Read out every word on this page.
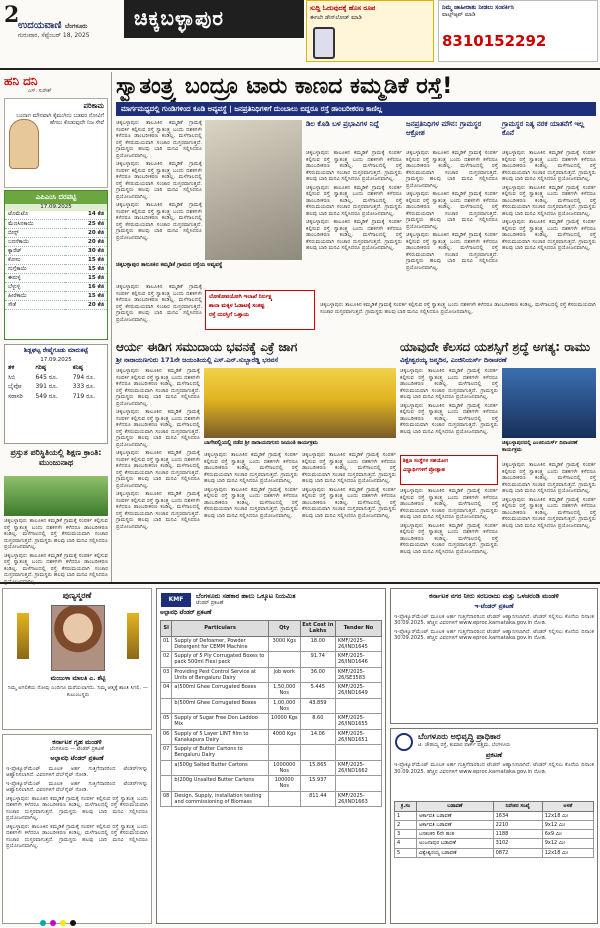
2
ಉದಯವಾಣಿ ಬೆಂಗಳೂರು
ಗುರುವಾರ, ಸೆಪ್ಟೆಂಬರ್ 18, 2025
ಚಿಕ್ಕಬಳ್ಳಾಪುರ	ಸುದ್ದಿ ಓದುವುದಕ್ಕೆ ಹೊಸ ರೂಪ
ಈಗಲೇ ಡೌನ್‌ಲೋಡ್ ಮಾಡಿ
ನಿಮ್ಮ ಜಾಹೀರಾತು ನೀಡಲು ಸಂಪರ್ಕಿಸಿ
ವಾಟ್ಸ್‌ಆ್ಯಪ್ ಮಾಡಿ
8310152292
ಹನಿ ದನಿ
ಎಸ್. ಸುರೇಶ್
ಪರಿಕಾಮ
ಬಂದಾಗ ಮೌನವಾಗಿ ಕೈಮುಗಿದು ಬಡವರ ನೋವಿಗೆ ಹೆಗಲು ಕೊಡುವುದೇ ನಿಜ ಸೇವೆ
ಎಪಿಎಂಸಿ ದರಪಟ್ಟಿ
17.09.2025
ಟೊಮೆಟೊ	14 ಕೆಜಿ
ಮೆಣಸಿನಕಾಯಿ	25 ಕೆಜಿ
ಬೀನ್ಸ್	20 ಕೆಜಿ
ಬದನೆಕಾಯಿ	20 ಕೆಜಿ
ಕ್ಯಾರೆಟ್	30 ಕೆಜಿ
ಕೋಸು	15 ಕೆಜಿ
ನುಗ್ಗೆಕಾಯಿ	15 ಕೆಜಿ
ಈರುಳ್ಳಿ	15 ಕೆಜಿ
ಬೆಳ್ಳುಳ್ಳಿ	16 ಕೆಜಿ
ಹೀರೆಕಾಯಿ	15 ಕೆಜಿ
ಸೌತೆ	20 ಕೆಜಿ
ಶಿಡ್ಲಘಟ್ಟ ರೇಷ್ಮೆಗೂಡು ಮಾರುಕಟ್ಟೆ
17.09.2025
ತಳಿ	ಗರಿಷ್ಠ	ಕನಿಷ್ಠ
ಸಿಬಿ	645 ರೂ.	794 ರೂ.
ಬೈವೋ	391 ರೂ.	333 ರೂ.
ಸರಾಸರಿ	549 ರೂ.	719 ರೂ.
ಪ್ರಸ್ತುತ ಪರಿಸ್ಥಿತಿಯಲ್ಲಿ ಶಿಕ್ಷಣ ಕ್ರಾಂತಿ: ಮುಂಜುನಾಥ

ಚಿಕ್ಕಬಳ್ಳಾಪುರ: ತಾಲೂಕಿನ ಕಮ್ಮಡಿಕೆ ಗ್ರಾಮಕ್ಕೆ ಸಂಪರ್ಕ ಕಲ್ಪಿಸುವ ರಸ್ತೆ ಸ್ವಾತಂತ್ರ್ಯ ಬಂದು ದಶಕಗಳೇ ಕಳೆದರೂ ಡಾಂಬರೀಕರಣ ಕಂಡಿಲ್ಲ. ಮಳೆಗಾಲದಲ್ಲಿ ರಸ್ತೆ ಕೆಸರುಮಯವಾಗಿ ಸಂಚಾರ ದುಸ್ತರವಾಗುತ್ತದೆ. ಗ್ರಾಮಸ್ಥರು ಹಲವು ಬಾರಿ ಮನವಿ ಸಲ್ಲಿಸಿದರೂ ಪ್ರಯೋಜನವಾಗಿಲ್ಲ.

ಚಿಕ್ಕಬಳ್ಳಾಪುರ: ತಾಲೂಕಿನ ಕಮ್ಮಡಿಕೆ ಗ್ರಾಮಕ್ಕೆ ಸಂಪರ್ಕ ಕಲ್ಪಿಸುವ ರಸ್ತೆ ಸ್ವಾತಂತ್ರ್ಯ ಬಂದು ದಶಕಗಳೇ ಕಳೆದರೂ ಡಾಂಬರೀಕರಣ ಕಂಡಿಲ್ಲ. ಮಳೆಗಾಲದಲ್ಲಿ ರಸ್ತೆ ಕೆಸರುಮಯವಾಗಿ ಸಂಚಾರ ದುಸ್ತರವಾಗುತ್ತದೆ. ಗ್ರಾಮಸ್ಥರು ಹಲವು ಬಾರಿ ಮನವಿ ಸಲ್ಲಿಸಿದರೂ

ಸ್ವಾತಂತ್ರ್ಯ ಬಂದ್ರೂ ಟಾರು ಕಾಣದ ಕಮ್ಮಡಿಕೆ ರಸ್ತೆ!
ಮಾರ್ಗಮಧ್ಯದಲ್ಲಿ ಗುಂಡಿಗಳಿಂದ ಕೂಡಿ ಅವ್ಯವಸ್ಥೆ | ಜನಪ್ರತಿನಿಧಿಗಳಿಗೆ ದುಂಬಾಲು ಬಿದ್ದರೂ ರಸ್ತೆ ಡಾಂಬರೀಕರಣ ಕಾಣಿಲ್ಲ

ಚಿಕ್ಕಬಳ್ಳಾಪುರ: ತಾಲೂಕಿನ ಕಮ್ಮಡಿಕೆ ಗ್ರಾಮಕ್ಕೆ ಸಂಪರ್ಕ ಕಲ್ಪಿಸುವ ರಸ್ತೆ ಸ್ವಾತಂತ್ರ್ಯ ಬಂದು ದಶಕಗಳೇ ಕಳೆದರೂ ಡಾಂಬರೀಕರಣ ಕಂಡಿಲ್ಲ. ಮಳೆಗಾಲದಲ್ಲಿ ರಸ್ತೆ ಕೆಸರುಮಯವಾಗಿ ಸಂಚಾರ ದುಸ್ತರವಾಗುತ್ತದೆ. ಗ್ರಾಮಸ್ಥರು ಹಲವು ಬಾರಿ ಮನವಿ ಸಲ್ಲಿಸಿದರೂ ಪ್ರಯೋಜನವಾಗಿಲ್ಲ.

ಚಿಕ್ಕಬಳ್ಳಾಪುರ: ತಾಲೂಕಿನ ಕಮ್ಮಡಿಕೆ ಗ್ರಾಮಕ್ಕೆ ಸಂಪರ್ಕ ಕಲ್ಪಿಸುವ ರಸ್ತೆ ಸ್ವಾತಂತ್ರ್ಯ ಬಂದು ದಶಕಗಳೇ ಕಳೆದರೂ ಡಾಂಬರೀಕರಣ ಕಂಡಿಲ್ಲ. ಮಳೆಗಾಲದಲ್ಲಿ ರಸ್ತೆ ಕೆಸರುಮಯವಾಗಿ ಸಂಚಾರ ದುಸ್ತರವಾಗುತ್ತದೆ. ಗ್ರಾಮಸ್ಥರು ಹಲವು ಬಾರಿ ಮನವಿ ಸಲ್ಲಿಸಿದರೂ ಪ್ರಯೋಜನವಾಗಿಲ್ಲ.

ಚಿಕ್ಕಬಳ್ಳಾಪುರ: ತಾಲೂಕಿನ ಕಮ್ಮಡಿಕೆ ಗ್ರಾಮಕ್ಕೆ ಸಂಪರ್ಕ ಕಲ್ಪಿಸುವ ರಸ್ತೆ ಸ್ವಾತಂತ್ರ್ಯ ಬಂದು ದಶಕಗಳೇ ಕಳೆದರೂ ಡಾಂಬರೀಕರಣ ಕಂಡಿಲ್ಲ. ಮಳೆಗಾಲದಲ್ಲಿ ರಸ್ತೆ ಕೆಸರುಮಯವಾಗಿ ಸಂಚಾರ ದುಸ್ತರವಾಗುತ್ತದೆ. ಗ್ರಾಮಸ್ಥರು ಹಲವು ಬಾರಿ ಮನವಿ ಸಲ್ಲಿಸಿದರೂ ಪ್ರಯೋಜನವಾಗಿಲ್ಲ.

ಚಿಕ್ಕಬಳ್ಳಾಪುರ ತಾಲೂಕಿನ ಕಮ್ಮಡಿಕೆ ಗ್ರಾಮದ ರಸ್ತೆಯ ಅವ್ಯವಸ್ಥೆ

ಚಿಕ್ಕಬಳ್ಳಾಪುರ: ತಾಲೂಕಿನ ಕಮ್ಮಡಿಕೆ ಗ್ರಾಮಕ್ಕೆ ಸಂಪರ್ಕ ಕಲ್ಪಿಸುವ ರಸ್ತೆ ಸ್ವಾತಂತ್ರ್ಯ ಬಂದು ದಶಕಗಳೇ ಕಳೆದರೂ ಡಾಂಬರೀಕರಣ ಕಂಡಿಲ್ಲ. ಮಳೆಗಾಲದಲ್ಲಿ ರಸ್ತೆ ಕೆಸರುಮಯವಾಗಿ ಸಂಚಾರ ದುಸ್ತರವಾಗುತ್ತದೆ. ಗ್ರಾಮಸ್ಥರು ಹಲವು ಬಾರಿ ಮನವಿ ಸಲ್ಲಿಸಿದರೂ ಪ್ರಯೋಜನವಾಗಿಲ್ಲ.

ಡಿಲ ಕೊಡಿ ಬಳ ಪ್ರಭಾವಿಗಳ ನಿದ್ದೆ	ಜನಪ್ರತಿನಿಧಿಗಳ ಮೌನ: ಗ್ರಾಮಸ್ಥರ ಆಕ್ರೋಶ
ಗ್ರಾಮಸ್ಥರ ನಿತ್ಯ ನರಕ ಯಾತನೆಗೆ ಇಲ್ಲ ಕೊನೆ

ಚಿಕ್ಕಬಳ್ಳಾಪುರ: ತಾಲೂಕಿನ ಕಮ್ಮಡಿಕೆ ಗ್ರಾಮಕ್ಕೆ ಸಂಪರ್ಕ ಕಲ್ಪಿಸುವ ರಸ್ತೆ ಸ್ವಾತಂತ್ರ್ಯ ಬಂದು ದಶಕಗಳೇ ಕಳೆದರೂ ಡಾಂಬರೀಕರಣ ಕಂಡಿಲ್ಲ. ಮಳೆಗಾಲದಲ್ಲಿ ರಸ್ತೆ ಕೆಸರುಮಯವಾಗಿ ಸಂಚಾರ ದುಸ್ತರವಾಗುತ್ತದೆ. ಗ್ರಾಮಸ್ಥರು ಹಲವು ಬಾರಿ ಮನವಿ ಸಲ್ಲಿಸಿದರೂ ಪ್ರಯೋಜನವಾಗಿಲ್ಲ.

ಚಿಕ್ಕಬಳ್ಳಾಪುರ: ತಾಲೂಕಿನ ಕಮ್ಮಡಿಕೆ ಗ್ರಾಮಕ್ಕೆ ಸಂಪರ್ಕ ಕಲ್ಪಿಸುವ ರಸ್ತೆ ಸ್ವಾತಂತ್ರ್ಯ ಬಂದು ದಶಕಗಳೇ ಕಳೆದರೂ ಡಾಂಬರೀಕರಣ ಕಂಡಿಲ್ಲ. ಮಳೆಗಾಲದಲ್ಲಿ ರಸ್ತೆ ಕೆಸರುಮಯವಾಗಿ ಸಂಚಾರ ದುಸ್ತರವಾಗುತ್ತದೆ. ಗ್ರಾಮಸ್ಥರು ಹಲವು ಬಾರಿ ಮನವಿ ಸಲ್ಲಿಸಿದರೂ ಪ್ರಯೋಜನವಾಗಿಲ್ಲ.

ಚಿಕ್ಕಬಳ್ಳಾಪುರ: ತಾಲೂಕಿನ ಕಮ್ಮಡಿಕೆ ಗ್ರಾಮಕ್ಕೆ ಸಂಪರ್ಕ ಕಲ್ಪಿಸುವ ರಸ್ತೆ ಸ್ವಾತಂತ್ರ್ಯ ಬಂದು ದಶಕಗಳೇ ಕಳೆದರೂ ಡಾಂಬರೀಕರಣ ಕಂಡಿಲ್ಲ. ಮಳೆಗಾಲದಲ್ಲಿ ರಸ್ತೆ ಕೆಸರುಮಯವಾಗಿ ಸಂಚಾರ ದುಸ್ತರವಾಗುತ್ತದೆ. ಗ್ರಾಮಸ್ಥರು ಹಲವು ಬಾರಿ ಮನವಿ ಸಲ್ಲಿಸಿದರೂ ಪ್ರಯೋಜನವಾಗಿಲ್ಲ.

ಚಿಕ್ಕಬಳ್ಳಾಪುರ: ತಾಲೂಕಿನ ಕಮ್ಮಡಿಕೆ ಗ್ರಾಮಕ್ಕೆ ಸಂಪರ್ಕ ಕಲ್ಪಿಸುವ ರಸ್ತೆ ಸ್ವಾತಂತ್ರ್ಯ ಬಂದು ದಶಕಗಳೇ ಕಳೆದರೂ ಡಾಂಬರೀಕರಣ ಕಂಡಿಲ್ಲ. ಮಳೆಗಾಲದಲ್ಲಿ ರಸ್ತೆ ಕೆಸರುಮಯವಾಗಿ ಸಂಚಾರ ದುಸ್ತರವಾಗುತ್ತದೆ. ಗ್ರಾಮಸ್ಥರು ಹಲವು ಬಾರಿ ಮನವಿ ಸಲ್ಲಿಸಿದರೂ ಪ್ರಯೋಜನವಾಗಿಲ್ಲ.

ಚಿಕ್ಕಬಳ್ಳಾಪುರ: ತಾಲೂಕಿನ ಕಮ್ಮಡಿಕೆ ಗ್ರಾಮಕ್ಕೆ ಸಂಪರ್ಕ ಕಲ್ಪಿಸುವ ರಸ್ತೆ ಸ್ವಾತಂತ್ರ್ಯ ಬಂದು ದಶಕಗಳೇ ಕಳೆದರೂ ಡಾಂಬರೀಕರಣ ಕಂಡಿಲ್ಲ. ಮಳೆಗಾಲದಲ್ಲಿ ರಸ್ತೆ ಕೆಸರುಮಯವಾಗಿ ಸಂಚಾರ ದುಸ್ತರವಾಗುತ್ತದೆ. ಗ್ರಾಮಸ್ಥರು ಹಲವು ಬಾರಿ ಮನವಿ ಸಲ್ಲಿಸಿದರೂ ಪ್ರಯೋಜನವಾಗಿಲ್ಲ.

ಚಿಕ್ಕಬಳ್ಳಾಪುರ: ತಾಲೂಕಿನ ಕಮ್ಮಡಿಕೆ ಗ್ರಾಮಕ್ಕೆ ಸಂಪರ್ಕ ಕಲ್ಪಿಸುವ ರಸ್ತೆ ಸ್ವಾತಂತ್ರ್ಯ ಬಂದು ದಶಕಗಳೇ ಕಳೆದರೂ ಡಾಂಬರೀಕರಣ ಕಂಡಿಲ್ಲ. ಮಳೆಗಾಲದಲ್ಲಿ ರಸ್ತೆ ಕೆಸರುಮಯವಾಗಿ ಸಂಚಾರ ದುಸ್ತರವಾಗುತ್ತದೆ. ಗ್ರಾಮಸ್ಥರು ಹಲವು ಬಾರಿ ಮನವಿ ಸಲ್ಲಿಸಿದರೂ ಪ್ರಯೋಜನವಾಗಿಲ್ಲ.

ಚಿಕ್ಕಬಳ್ಳಾಪುರ: ತಾಲೂಕಿನ ಕಮ್ಮಡಿಕೆ ಗ್ರಾಮಕ್ಕೆ ಸಂಪರ್ಕ ಕಲ್ಪಿಸುವ ರಸ್ತೆ ಸ್ವಾತಂತ್ರ್ಯ ಬಂದು ದಶಕಗಳೇ ಕಳೆದರೂ ಡಾಂಬರೀಕರಣ ಕಂಡಿಲ್ಲ. ಮಳೆಗಾಲದಲ್ಲಿ ರಸ್ತೆ ಕೆಸರುಮಯವಾಗಿ ಸಂಚಾರ ದುಸ್ತರವಾಗುತ್ತದೆ. ಗ್ರಾಮಸ್ಥರು ಹಲವು ಬಾರಿ ಮನವಿ ಸಲ್ಲಿಸಿದರೂ ಪ್ರಯೋಜನವಾಗಿಲ್ಲ.

ಚಿಕ್ಕಬಳ್ಳಾಪುರ: ತಾಲೂಕಿನ ಕಮ್ಮಡಿಕೆ ಗ್ರಾಮಕ್ಕೆ ಸಂಪರ್ಕ ಕಲ್ಪಿಸುವ ರಸ್ತೆ ಸ್ವಾತಂತ್ರ್ಯ ಬಂದು ದಶಕಗಳೇ ಕಳೆದರೂ ಡಾಂಬರೀಕರಣ ಕಂಡಿಲ್ಲ. ಮಳೆಗಾಲದಲ್ಲಿ ರಸ್ತೆ ಕೆಸರುಮಯವಾಗಿ ಸಂಚಾರ ದುಸ್ತರವಾಗುತ್ತದೆ. ಗ್ರಾಮಸ್ಥರು ಹಲವು ಬಾರಿ ಮನವಿ ಸಲ್ಲಿಸಿದರೂ ಪ್ರಯೋಜನವಾಗಿಲ್ಲ.

ಚಿಕ್ಕಬಳ್ಳಾಪುರ: ತಾಲೂಕಿನ ಕಮ್ಮಡಿಕೆ ಗ್ರಾಮಕ್ಕೆ ಸಂಪರ್ಕ ಕಲ್ಪಿಸುವ ರಸ್ತೆ ಸ್ವಾತಂತ್ರ್ಯ ಬಂದು ದಶಕಗಳೇ ಕಳೆದರೂ ಡಾಂಬರೀಕರಣ ಕಂಡಿಲ್ಲ. ಮಳೆಗಾಲದಲ್ಲಿ ರಸ್ತೆ ಕೆಸರುಮಯವಾಗಿ ಸಂಚಾರ ದುಸ್ತರವಾಗುತ್ತದೆ. ಗ್ರಾಮಸ್ಥರು ಹಲವು ಬಾರಿ ಮನವಿ ಸಲ್ಲಿಸಿದರೂ ಪ್ರಯೋಜನವಾಗಿಲ್ಲ.

ಲೋಕೋಪಯೋಗಿ ಇಲಾಖೆ ನಿರ್ಲಕ್ಷ್ಯ
ಶಾಲಾ ಮಕ್ಕಳ ಓಡಾಟಕ್ಕೆ ಸಂಕಷ್ಟ
ರಸ್ತೆ ದುರಸ್ತಿಗೆ ಒತ್ತಾಯ

ಚಿಕ್ಕಬಳ್ಳಾಪುರ: ತಾಲೂಕಿನ ಕಮ್ಮಡಿಕೆ ಗ್ರಾಮಕ್ಕೆ ಸಂಪರ್ಕ ಕಲ್ಪಿಸುವ ರಸ್ತೆ ಸ್ವಾತಂತ್ರ್ಯ ಬಂದು ದಶಕಗಳೇ ಕಳೆದರೂ ಡಾಂಬರೀಕರಣ ಕಂಡಿಲ್ಲ. ಮಳೆಗಾಲದಲ್ಲಿ ರಸ್ತೆ ಕೆಸರುಮಯವಾಗಿ ಸಂಚಾರ ದುಸ್ತರವಾಗುತ್ತದೆ. ಗ್ರಾಮಸ್ಥರು ಹಲವು ಬಾರಿ ಮನವಿ ಸಲ್ಲಿಸಿದರೂ ಪ್ರಯೋಜನವಾಗಿಲ್ಲ.

ಆರ್ಯ ಈಡಿಗ ಸಮುದಾಯ ಭವನಕ್ಕೆ ಎಕ್ರೆ ಜಾಗ
ಶ್ರೀ ನಾರಾಯಣಗುರು 171ನೇ ಜಯಂತಿಯಲ್ಲಿ ಎಸ್.ಎನ್.ಸುಬ್ಬಾರೆಡ್ಡಿ ಭರವಸೆ

ಚಿಕ್ಕಬಳ್ಳಾಪುರ: ತಾಲೂಕಿನ ಕಮ್ಮಡಿಕೆ ಗ್ರಾಮಕ್ಕೆ ಸಂಪರ್ಕ ಕಲ್ಪಿಸುವ ರಸ್ತೆ ಸ್ವಾತಂತ್ರ್ಯ ಬಂದು ದಶಕಗಳೇ ಕಳೆದರೂ ಡಾಂಬರೀಕರಣ ಕಂಡಿಲ್ಲ. ಮಳೆಗಾಲದಲ್ಲಿ ರಸ್ತೆ ಕೆಸರುಮಯವಾಗಿ ಸಂಚಾರ ದುಸ್ತರವಾಗುತ್ತದೆ. ಗ್ರಾಮಸ್ಥರು ಹಲವು ಬಾರಿ ಮನವಿ ಸಲ್ಲಿಸಿದರೂ ಪ್ರಯೋಜನವಾಗಿಲ್ಲ.

ಚಿಕ್ಕಬಳ್ಳಾಪುರ: ತಾಲೂಕಿನ ಕಮ್ಮಡಿಕೆ ಗ್ರಾಮಕ್ಕೆ ಸಂಪರ್ಕ ಕಲ್ಪಿಸುವ ರಸ್ತೆ ಸ್ವಾತಂತ್ರ್ಯ ಬಂದು ದಶಕಗಳೇ ಕಳೆದರೂ ಡಾಂಬರೀಕರಣ ಕಂಡಿಲ್ಲ. ಮಳೆಗಾಲದಲ್ಲಿ ರಸ್ತೆ ಕೆಸರುಮಯವಾಗಿ ಸಂಚಾರ ದುಸ್ತರವಾಗುತ್ತದೆ. ಗ್ರಾಮಸ್ಥರು ಹಲವು ಬಾರಿ ಮನವಿ ಸಲ್ಲಿಸಿದರೂ ಪ್ರಯೋಜನವಾಗಿಲ್ಲ.

ಚಿಕ್ಕಬಳ್ಳಾಪುರ: ತಾಲೂಕಿನ ಕಮ್ಮಡಿಕೆ ಗ್ರಾಮಕ್ಕೆ ಸಂಪರ್ಕ ಕಲ್ಪಿಸುವ ರಸ್ತೆ ಸ್ವಾತಂತ್ರ್ಯ ಬಂದು ದಶಕಗಳೇ ಕಳೆದರೂ ಡಾಂಬರೀಕರಣ ಕಂಡಿಲ್ಲ. ಮಳೆಗಾಲದಲ್ಲಿ ರಸ್ತೆ ಕೆಸರುಮಯವಾಗಿ ಸಂಚಾರ ದುಸ್ತರವಾಗುತ್ತದೆ. ಗ್ರಾಮಸ್ಥರು ಹಲವು ಬಾರಿ ಮನವಿ ಸಲ್ಲಿಸಿದರೂ ಪ್ರಯೋಜನವಾಗಿಲ್ಲ.

ಚಿಕ್ಕಬಳ್ಳಾಪುರ: ತಾಲೂಕಿನ ಕಮ್ಮಡಿಕೆ ಗ್ರಾಮಕ್ಕೆ ಸಂಪರ್ಕ ಕಲ್ಪಿಸುವ ರಸ್ತೆ ಸ್ವಾತಂತ್ರ್ಯ ಬಂದು ದಶಕಗಳೇ ಕಳೆದರೂ ಡಾಂಬರೀಕರಣ ಕಂಡಿಲ್ಲ. ಮಳೆಗಾಲದಲ್ಲಿ ರಸ್ತೆ ಕೆಸರುಮಯವಾಗಿ ಸಂಚಾರ ದುಸ್ತರವಾಗುತ್ತದೆ. ಗ್ರಾಮಸ್ಥರು ಹಲವು ಬಾರಿ ಮನವಿ ಸಲ್ಲಿಸಿದರೂ ಪ್ರಯೋಜನವಾಗಿಲ್ಲ.

ಬಾಗೇಪಲ್ಲಿಯಲ್ಲಿ ನಡೆದ ಶ್ರೀ ನಾರಾಯಣಗುರು ಜಯಂತಿ ಕಾರ್ಯಕ್ರಮ

ಚಿಕ್ಕಬಳ್ಳಾಪುರ: ತಾಲೂಕಿನ ಕಮ್ಮಡಿಕೆ ಗ್ರಾಮಕ್ಕೆ ಸಂಪರ್ಕ ಕಲ್ಪಿಸುವ ರಸ್ತೆ ಸ್ವಾತಂತ್ರ್ಯ ಬಂದು ದಶಕಗಳೇ ಕಳೆದರೂ ಡಾಂಬರೀಕರಣ ಕಂಡಿಲ್ಲ. ಮಳೆಗಾಲದಲ್ಲಿ ರಸ್ತೆ ಕೆಸರುಮಯವಾಗಿ ಸಂಚಾರ ದುಸ್ತರವಾಗುತ್ತದೆ. ಗ್ರಾಮಸ್ಥರು ಹಲವು ಬಾರಿ ಮನವಿ ಸಲ್ಲಿಸಿದರೂ ಪ್ರಯೋಜನವಾಗಿಲ್ಲ.

ಚಿಕ್ಕಬಳ್ಳಾಪುರ: ತಾಲೂಕಿನ ಕಮ್ಮಡಿಕೆ ಗ್ರಾಮಕ್ಕೆ ಸಂಪರ್ಕ ಕಲ್ಪಿಸುವ ರಸ್ತೆ ಸ್ವಾತಂತ್ರ್ಯ ಬಂದು ದಶಕಗಳೇ ಕಳೆದರೂ ಡಾಂಬರೀಕರಣ ಕಂಡಿಲ್ಲ. ಮಳೆಗಾಲದಲ್ಲಿ ರಸ್ತೆ ಕೆಸರುಮಯವಾಗಿ ಸಂಚಾರ ದುಸ್ತರವಾಗುತ್ತದೆ. ಗ್ರಾಮಸ್ಥರು ಹಲವು ಬಾರಿ ಮನವಿ ಸಲ್ಲಿಸಿದರೂ ಪ್ರಯೋಜನವಾಗಿಲ್ಲ.

ಚಿಕ್ಕಬಳ್ಳಾಪುರ: ತಾಲೂಕಿನ ಕಮ್ಮಡಿಕೆ ಗ್ರಾಮಕ್ಕೆ ಸಂಪರ್ಕ ಕಲ್ಪಿಸುವ ರಸ್ತೆ ಸ್ವಾತಂತ್ರ್ಯ ಬಂದು ದಶಕಗಳೇ ಕಳೆದರೂ ಡಾಂಬರೀಕರಣ ಕಂಡಿಲ್ಲ. ಮಳೆಗಾಲದಲ್ಲಿ ರಸ್ತೆ ಕೆಸರುಮಯವಾಗಿ ಸಂಚಾರ ದುಸ್ತರವಾಗುತ್ತದೆ. ಗ್ರಾಮಸ್ಥರು ಹಲವು ಬಾರಿ ಮನವಿ ಸಲ್ಲಿಸಿದರೂ ಪ್ರಯೋಜನವಾಗಿಲ್ಲ.

ಚಿಕ್ಕಬಳ್ಳಾಪುರ: ತಾಲೂಕಿನ ಕಮ್ಮಡಿಕೆ ಗ್ರಾಮಕ್ಕೆ ಸಂಪರ್ಕ ಕಲ್ಪಿಸುವ ರಸ್ತೆ ಸ್ವಾತಂತ್ರ್ಯ ಬಂದು ದಶಕಗಳೇ ಕಳೆದರೂ ಡಾಂಬರೀಕರಣ ಕಂಡಿಲ್ಲ. ಮಳೆಗಾಲದಲ್ಲಿ ರಸ್ತೆ ಕೆಸರುಮಯವಾಗಿ ಸಂಚಾರ ದುಸ್ತರವಾಗುತ್ತದೆ. ಗ್ರಾಮಸ್ಥರು ಹಲವು ಬಾರಿ ಮನವಿ ಸಲ್ಲಿಸಿದರೂ ಪ್ರಯೋಜನವಾಗಿಲ್ಲ.

ಯಾವುದೇ ಕೆಲಸದ ಯಶಸ್ಸಿಗೆ ಶ್ರದ್ಧೆ ಅಗತ್ಯ: ರಾಮು
ವಿಶ್ವೇಶ್ವರಯ್ಯ ಜನ್ಮದಿನ, ಎಂಜಿನಿಯರ್ಸ್ ದಿನಾಚರಣೆ

ಚಿಕ್ಕಬಳ್ಳಾಪುರ: ತಾಲೂಕಿನ ಕಮ್ಮಡಿಕೆ ಗ್ರಾಮಕ್ಕೆ ಸಂಪರ್ಕ ಕಲ್ಪಿಸುವ ರಸ್ತೆ ಸ್ವಾತಂತ್ರ್ಯ ಬಂದು ದಶಕಗಳೇ ಕಳೆದರೂ ಡಾಂಬರೀಕರಣ ಕಂಡಿಲ್ಲ. ಮಳೆಗಾಲದಲ್ಲಿ ರಸ್ತೆ ಕೆಸರುಮಯವಾಗಿ ಸಂಚಾರ ದುಸ್ತರವಾಗುತ್ತದೆ. ಗ್ರಾಮಸ್ಥರು ಹಲವು ಬಾರಿ ಮನವಿ ಸಲ್ಲಿಸಿದರೂ ಪ್ರಯೋಜನವಾಗಿಲ್ಲ.

ಚಿಕ್ಕಬಳ್ಳಾಪುರ: ತಾಲೂಕಿನ ಕಮ್ಮಡಿಕೆ ಗ್ರಾಮಕ್ಕೆ ಸಂಪರ್ಕ ಕಲ್ಪಿಸುವ ರಸ್ತೆ ಸ್ವಾತಂತ್ರ್ಯ ಬಂದು ದಶಕಗಳೇ ಕಳೆದರೂ ಡಾಂಬರೀಕರಣ ಕಂಡಿಲ್ಲ. ಮಳೆಗಾಲದಲ್ಲಿ ರಸ್ತೆ ಕೆಸರುಮಯವಾಗಿ ಸಂಚಾರ ದುಸ್ತರವಾಗುತ್ತದೆ. ಗ್ರಾಮಸ್ಥರು ಹಲವು ಬಾರಿ ಮನವಿ ಸಲ್ಲಿಸಿದರೂ ಪ್ರಯೋಜನವಾಗಿಲ್ಲ.

ಚಿಕ್ಕಬಳ್ಳಾಪುರದಲ್ಲಿ ಎಂಜಿನಿಯರ್ಸ್ ದಿನಾಚರಣೆ ಕಾರ್ಯಕ್ರಮ
ಶಿಕ್ಷಣ ಸಂಸ್ಥೆಗಳ ಸಹಯೋಗ
ವಿದ್ಯಾರ್ಥಿಗಳಿಗೆ ಪ್ರೋತ್ಸಾಹ

ಚಿಕ್ಕಬಳ್ಳಾಪುರ: ತಾಲೂಕಿನ ಕಮ್ಮಡಿಕೆ ಗ್ರಾಮಕ್ಕೆ ಸಂಪರ್ಕ ಕಲ್ಪಿಸುವ ರಸ್ತೆ ಸ್ವಾತಂತ್ರ್ಯ ಬಂದು ದಶಕಗಳೇ ಕಳೆದರೂ ಡಾಂಬರೀಕರಣ ಕಂಡಿಲ್ಲ. ಮಳೆಗಾಲದಲ್ಲಿ ರಸ್ತೆ ಕೆಸರುಮಯವಾಗಿ ಸಂಚಾರ ದುಸ್ತರವಾಗುತ್ತದೆ. ಗ್ರಾಮಸ್ಥರು ಹಲವು ಬಾರಿ ಮನವಿ ಸಲ್ಲಿಸಿದರೂ ಪ್ರಯೋಜನವಾಗಿಲ್ಲ.

ಚಿಕ್ಕಬಳ್ಳಾಪುರ: ತಾಲೂಕಿನ ಕಮ್ಮಡಿಕೆ ಗ್ರಾಮಕ್ಕೆ ಸಂಪರ್ಕ ಕಲ್ಪಿಸುವ ರಸ್ತೆ ಸ್ವಾತಂತ್ರ್ಯ ಬಂದು ದಶಕಗಳೇ ಕಳೆದರೂ ಡಾಂಬರೀಕರಣ ಕಂಡಿಲ್ಲ. ಮಳೆಗಾಲದಲ್ಲಿ ರಸ್ತೆ ಕೆಸರುಮಯವಾಗಿ ಸಂಚಾರ ದುಸ್ತರವಾಗುತ್ತದೆ. ಗ್ರಾಮಸ್ಥರು ಹಲವು ಬಾರಿ ಮನವಿ ಸಲ್ಲಿಸಿದರೂ ಪ್ರಯೋಜನವಾಗಿಲ್ಲ.

ಚಿಕ್ಕಬಳ್ಳಾಪುರ: ತಾಲೂಕಿನ ಕಮ್ಮಡಿಕೆ ಗ್ರಾಮಕ್ಕೆ ಸಂಪರ್ಕ ಕಲ್ಪಿಸುವ ರಸ್ತೆ ಸ್ವಾತಂತ್ರ್ಯ ಬಂದು ದಶಕಗಳೇ ಕಳೆದರೂ ಡಾಂಬರೀಕರಣ ಕಂಡಿಲ್ಲ. ಮಳೆಗಾಲದಲ್ಲಿ ರಸ್ತೆ ಕೆಸರುಮಯವಾಗಿ ಸಂಚಾರ ದುಸ್ತರವಾಗುತ್ತದೆ. ಗ್ರಾಮಸ್ಥರು ಹಲವು ಬಾರಿ ಮನವಿ ಸಲ್ಲಿಸಿದರೂ ಪ್ರಯೋಜನವಾಗಿಲ್ಲ.

ಚಿಕ್ಕಬಳ್ಳಾಪುರ: ತಾಲೂಕಿನ ಕಮ್ಮಡಿಕೆ ಗ್ರಾಮಕ್ಕೆ ಸಂಪರ್ಕ ಕಲ್ಪಿಸುವ ರಸ್ತೆ ಸ್ವಾತಂತ್ರ್ಯ ಬಂದು ದಶಕಗಳೇ ಕಳೆದರೂ ಡಾಂಬರೀಕರಣ ಕಂಡಿಲ್ಲ. ಮಳೆಗಾಲದಲ್ಲಿ ರಸ್ತೆ ಕೆಸರುಮಯವಾಗಿ ಸಂಚಾರ ದುಸ್ತರವಾಗುತ್ತದೆ. ಗ್ರಾಮಸ್ಥರು ಹಲವು ಬಾರಿ ಮನವಿ ಸಲ್ಲಿಸಿದರೂ ಪ್ರಯೋಜನವಾಗಿಲ್ಲ.

ಪುಣ್ಯಸ್ಮರಣೆ
ಮಂಜುಳಾ ಮಾಲತಿ ಎ. ಶೆಟ್ಟಿ
ನಿಮ್ಮ ಅಗಲಿಕೆಯ ನೋವು ಎಂದಿಗೂ ಮರೆಯಲಾಗದು. ನಿಮ್ಮ ಆತ್ಮಕ್ಕೆ ಶಾಂತಿ ಸಿಗಲಿ. — ಕುಟುಂಬಸ್ಥರು
ಕರ್ನಾಟಕ ಗೃಹ ಮಂಡಳಿ
ಬೆಂಗಳೂರು — ಟೆಂಡರ್ ಪ್ರಕಟಣೆ
ಅಲ್ಪಾವಧಿ ಟೆಂಡರ್ ಪ್ರಕಟಣೆ

ಇ-ಪ್ರೊಕ್ಯೂರ್‌ಮೆಂಟ್ ಮೂಲಕ ಅರ್ಹ ಗುತ್ತಿಗೆದಾರರಿಂದ ಟೆಂಡರ್‌ಗಳನ್ನು ಆಹ್ವಾನಿಸಲಾಗಿದೆ. ವಿವರಗಳಿಗೆ ವೆಬ್‌ಸೈಟ್ ನೋಡಿ.

ಇ-ಪ್ರೊಕ್ಯೂರ್‌ಮೆಂಟ್ ಮೂಲಕ ಅರ್ಹ ಗುತ್ತಿಗೆದಾರರಿಂದ ಟೆಂಡರ್‌ಗಳನ್ನು ಆಹ್ವಾನಿಸಲಾಗಿದೆ. ವಿವರಗಳಿಗೆ ವೆಬ್‌ಸೈಟ್ ನೋಡಿ.

ಚಿಕ್ಕಬಳ್ಳಾಪುರ: ತಾಲೂಕಿನ ಕಮ್ಮಡಿಕೆ ಗ್ರಾಮಕ್ಕೆ ಸಂಪರ್ಕ ಕಲ್ಪಿಸುವ ರಸ್ತೆ ಸ್ವಾತಂತ್ರ್ಯ ಬಂದು ದಶಕಗಳೇ ಕಳೆದರೂ ಡಾಂಬರೀಕರಣ ಕಂಡಿಲ್ಲ. ಮಳೆಗಾಲದಲ್ಲಿ ರಸ್ತೆ ಕೆಸರುಮಯವಾಗಿ ಸಂಚಾರ ದುಸ್ತರವಾಗುತ್ತದೆ. ಗ್ರಾಮಸ್ಥರು ಹಲವು ಬಾರಿ ಮನವಿ ಸಲ್ಲಿಸಿದರೂ ಪ್ರಯೋಜನವಾಗಿಲ್ಲ.

ಚಿಕ್ಕಬಳ್ಳಾಪುರ: ತಾಲೂಕಿನ ಕಮ್ಮಡಿಕೆ ಗ್ರಾಮಕ್ಕೆ ಸಂಪರ್ಕ ಕಲ್ಪಿಸುವ ರಸ್ತೆ ಸ್ವಾತಂತ್ರ್ಯ ಬಂದು ದಶಕಗಳೇ ಕಳೆದರೂ ಡಾಂಬರೀಕರಣ ಕಂಡಿಲ್ಲ. ಮಳೆಗಾಲದಲ್ಲಿ ರಸ್ತೆ ಕೆಸರುಮಯವಾಗಿ ಸಂಚಾರ ದುಸ್ತರವಾಗುತ್ತದೆ. ಗ್ರಾಮಸ್ಥರು ಹಲವು ಬಾರಿ ಮನವಿ ಸಲ್ಲಿಸಿದರೂ ಪ್ರಯೋಜನವಾಗಿಲ್ಲ.

KMF	ಬೆಂಗಳೂರು ಸಹಕಾರ ಹಾಲು ಒಕ್ಕೂಟ ನಿಯಮಿತ
ಟೆಂಡರ್ ಪ್ರಕಟಣೆ
ಅಲ್ಪಾವಧಿ ಟೆಂಡರ್ ಪ್ರಕಟಣೆ
Sl	Particulars	Qty	Est Cost in Lakhs	Tender No
01	Supply of Defoamer, Powder Detergent for CEMM Machine	3000 Kgs	18.00	KMF/2025-26/IND1645
02	Supply of 5 Ply Corrugated Boxes to pack 500ml Flexi pack		91.74	KMF/2025-26/IND1646
03	Providing Pest Control Service at Units of Bengaluru Dairy	job work	36.00	KMF/2025-26/SE3583
04	a)500ml Ghee Corrugated Boxes	1,50,000 Nos	5.445	KMF/2025-26/IND1649
	b)500ml Ghee Corrugated Boxes	1,00,000 Nos	43.859	
05	Supply of Sugar Free Don Laddoo Mix	10000 Kgs	8.60	KMF/2025-26/IND1655
06	Supply of 5 Layer LINT film to Kanakapura Dairy	4000 Kgs	14.06	KMF/2025-26/IND1651
07	Supply of Butter Cartons to Bengaluru Dairy			
	a)500g Salted Butter Cartons	1000000 Nos	15.865	KMF/2025-26/IND1662
	b)200g Unsalted Butter Cartons	100000 Nos	15.937	
08	Design, Supply, installation testing and commissioning of Biomass		811.44	KMF/2025-26/IND1663
ಕರ್ನಾಟಕ ನಗರ ನೀರು ಸರಬರಾಜು ಮತ್ತು ಒಳಚರಂಡಿ ಮಂಡಳಿ
ಇ-ಟೆಂಡರ್ ಪ್ರಕಟಣೆ

ಇ-ಪ್ರೊಕ್ಯೂರ್‌ಮೆಂಟ್ ಮೂಲಕ ಅರ್ಹ ಗುತ್ತಿಗೆದಾರರಿಂದ ಟೆಂಡರ್ ಆಹ್ವಾನಿಸಲಾಗಿದೆ. ಟೆಂಡರ್ ಸಲ್ಲಿಸಲು ಕೊನೆಯ ದಿನಾಂಕ 30.09.2025. ಹೆಚ್ಚಿನ ವಿವರಗಳಿಗೆ www.eproc.karnataka.gov.in ನೋಡಿ.

ಇ-ಪ್ರೊಕ್ಯೂರ್‌ಮೆಂಟ್ ಮೂಲಕ ಅರ್ಹ ಗುತ್ತಿಗೆದಾರರಿಂದ ಟೆಂಡರ್ ಆಹ್ವಾನಿಸಲಾಗಿದೆ. ಟೆಂಡರ್ ಸಲ್ಲಿಸಲು ಕೊನೆಯ ದಿನಾಂಕ 30.09.2025. ಹೆಚ್ಚಿನ ವಿವರಗಳಿಗೆ www.eproc.karnataka.gov.in ನೋಡಿ.

ಬೆಂಗಳೂರು ಅಭಿವೃದ್ಧಿ ಪ್ರಾಧಿಕಾರ
ಟಿ. ಚೌಡಯ್ಯ ರಸ್ತೆ, ಕುಮಾರ ಪಾರ್ಕ್ ಪಶ್ಚಿಮ, ಬೆಂಗಳೂರು
ಪ್ರಕಟಣೆ

ಇ-ಪ್ರೊಕ್ಯೂರ್‌ಮೆಂಟ್ ಮೂಲಕ ಅರ್ಹ ಗುತ್ತಿಗೆದಾರರಿಂದ ಟೆಂಡರ್ ಆಹ್ವಾನಿಸಲಾಗಿದೆ. ಟೆಂಡರ್ ಸಲ್ಲಿಸಲು ಕೊನೆಯ ದಿನಾಂಕ 30.09.2025. ಹೆಚ್ಚಿನ ವಿವರಗಳಿಗೆ www.eproc.karnataka.gov.in ನೋಡಿ.

ಕ್ರ.ಸಂ	ಬಡಾವಣೆ	ನಿವೇಶನ ಸಂಖ್ಯೆ	ಅಳತೆ
1	ಅರ್ಕಾವತಿ ಬಡಾವಣೆ	1634	12x18 ಮೀ
2	ಅರ್ಕಾವತಿ ಬಡಾವಣೆ	2210	9x12 ಮೀ
3	ಬನಶಂಕರಿ 6ನೇ ಹಂತ	1188	6x9 ಮೀ
4	ಅಂಜನಾಪುರ ಬಡಾವಣೆ	3102	9x12 ಮೀ
5	ವಿಶ್ವೇಶ್ವರಯ್ಯ ಬಡಾವಣೆ	0872	12x18 ಮೀ
